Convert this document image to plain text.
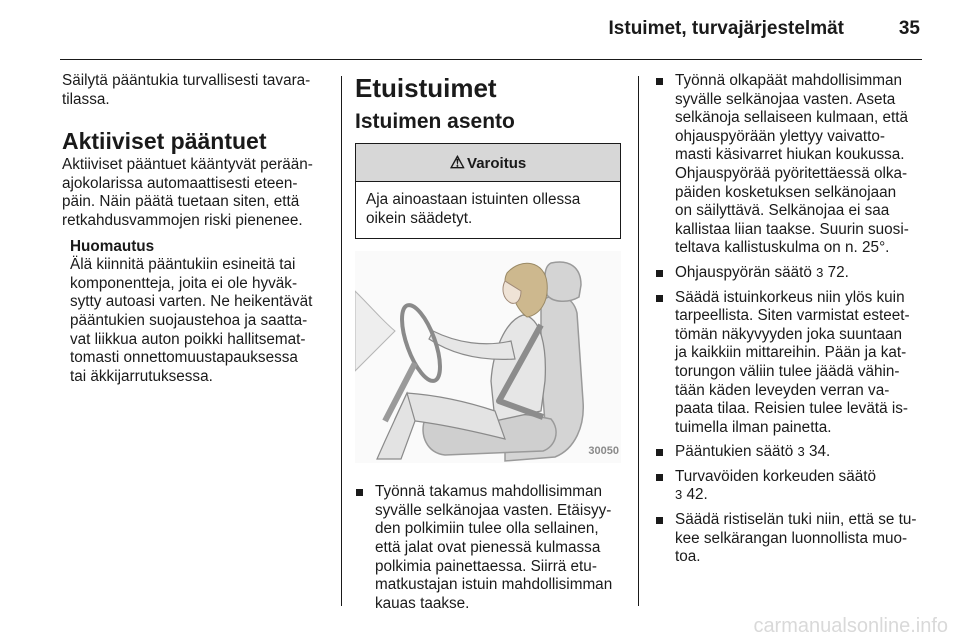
Istuimet, turvajärjestelmät	35
Säilytä pääntukia turvallisesti tavara-
tilassa.
Aktiiviset pääntuet
Aktiiviset pääntuet kääntyvät perään-
ajokolarissa automaattisesti eteen-
päin. Näin päätä tuetaan siten, että
retkahdusvammojen riski pienenee.
Huomautus
Älä kiinnitä pääntukiin esineitä tai
komponentteja, joita ei ole hyväk-
sytty autoasi varten. Ne heikentävät
pääntukien suojaustehoa ja saatta-
vat liikkua auton poikki hallitsemat-
tomasti onnettomuustapauksessa
tai äkkijarrutuksessa.
Etuistuimet
Istuimen asento
⚠ Varoitus
Aja ainoastaan istuinten ollessa
oikein säädetyt.
30050
Työnnä takamus mahdollisimman
syvälle selkänojaa vasten. Etäisyy-
den polkimiin tulee olla sellainen,
että jalat ovat pienessä kulmassa
polkimia painettaessa. Siirrä etu-
matkustajan istuin mahdollisimman
kauas taakse.
Työnnä olkapäät mahdollisimman
syvälle selkänojaa vasten. Aseta
selkänoja sellaiseen kulmaan, että
ohjauspyörään ylettyy vaivatto-
masti käsivarret hiukan koukussa.
Ohjauspyörää pyöritettäessä olka-
päiden kosketuksen selkänojaan
on säilyttävä. Selkänojaa ei saa
kallistaa liian taakse. Suurin suosi-
teltava kallistuskulma on n. 25°.
Ohjauspyörän säätö 3 72.
Säädä istuinkorkeus niin ylös kuin
tarpeellista. Siten varmistat esteet-
tömän näkyvyyden joka suuntaan
ja kaikkiin mittareihin. Pään ja kat-
torungon väliin tulee jäädä vähin-
tään käden leveyden verran va-
paata tilaa. Reisien tulee levätä is-
tuimella ilman painetta.
Pääntukien säätö 3 34.
Turvavöiden korkeuden säätö
3 42.
Säädä ristiselän tuki niin, että se tu-
kee selkärangan luonnollista muo-
toa.
carmanualsonline.info
